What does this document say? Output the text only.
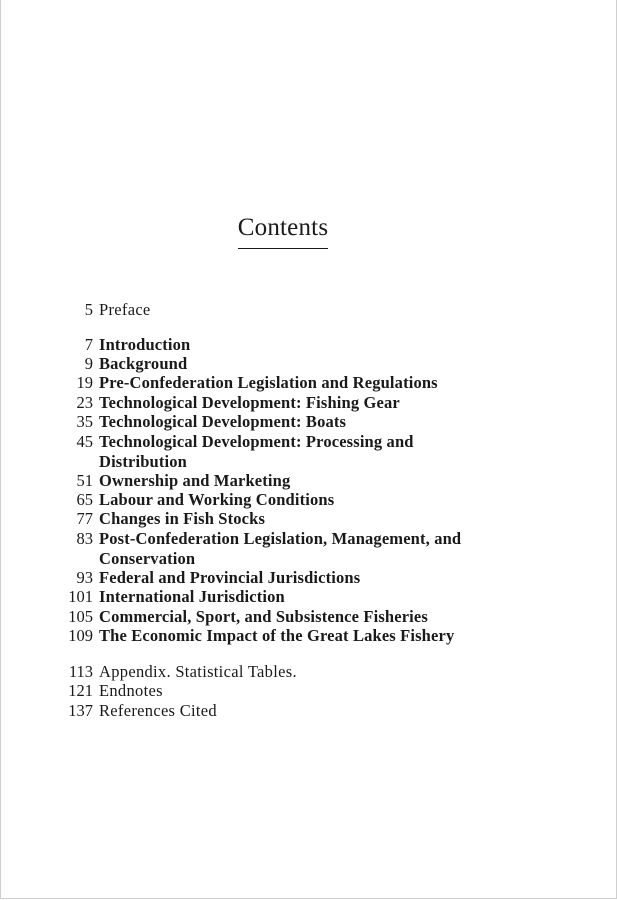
Contents
5 Preface
7 Introduction
9 Background
19 Pre-Confederation Legislation and Regulations
23 Technological Development: Fishing Gear
35 Technological Development: Boats
45 Technological Development: Processing and Distribution
51 Ownership and Marketing
65 Labour and Working Conditions
77 Changes in Fish Stocks
83 Post-Confederation Legislation, Management, and Conservation
93 Federal and Provincial Jurisdictions
101 International Jurisdiction
105 Commercial, Sport, and Subsistence Fisheries
109 The Economic Impact of the Great Lakes Fishery
113 Appendix. Statistical Tables.
121 Endnotes
137 References Cited
